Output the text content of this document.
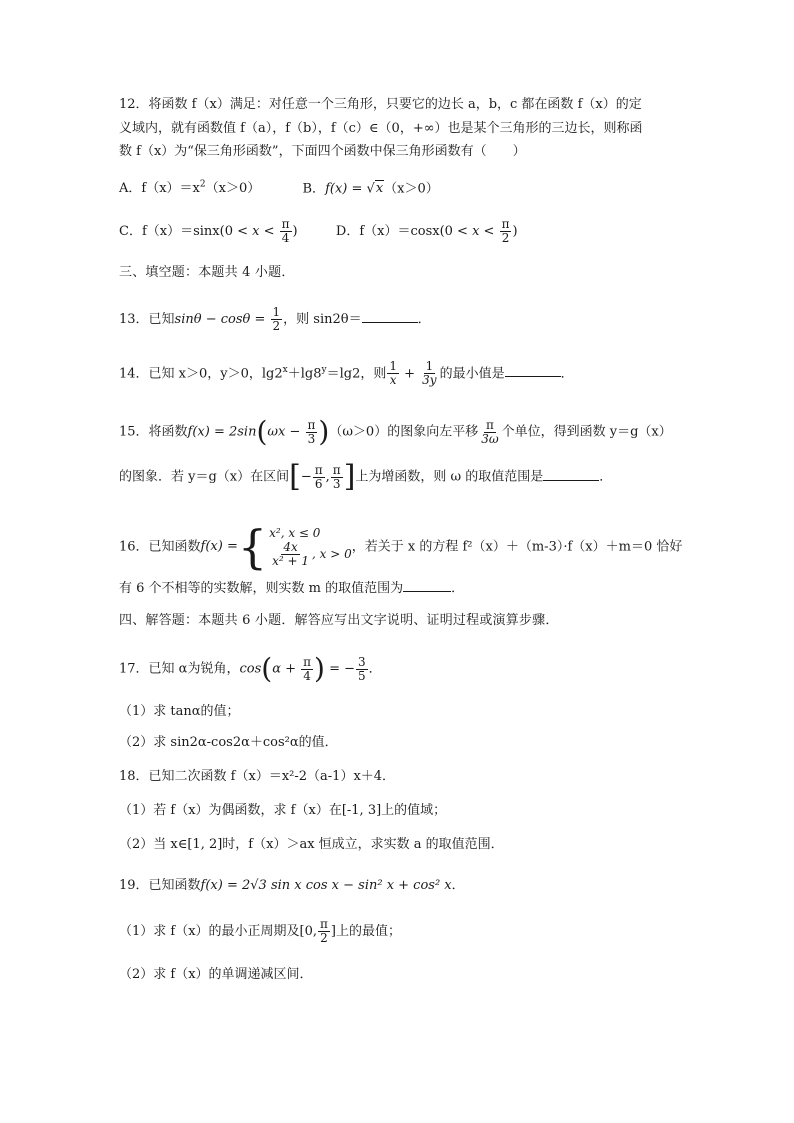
12．将函数 f（x）满足：对任意一个三角形，只要它的边长 a，b，c 都在函数 f（x）的定
义域内，就有函数值 f（a），f（b），f（c）∈（0，+∞）也是某个三角形的三边长，则称函
数 f（x）为“保三角形函数”，下面四个函数中保三角形函数有（　　）
A．$f(x)=x^2(x>0)$	B．f(x) = √x（x＞0）
C．$f(x)=\sin x(0 < x < \frac{\pi}{4}$ )	D．$f(x)=\cos x(0 < x < \frac{\pi}{2}$ )
三、填空题：本题共 4 小题．
13．已知$\sin\theta - \cos\theta = \frac{1}{2}$ ，则 sin2θ＝	．
14．已知 x＞0，y＞0，$\lg 2^x+\lg 8^y=\lg 2$，则 $\frac{1}{x} + \frac{1}{3y}$ 的最小值是	．
15．将函数$f(x) = 2\sin(\omega x - \frac{\pi}{3} )(\omega>0)$的图象向左平移 $\frac{\pi}{3\omega}$ 个单位，得到函数 y＝g（x）
的图象．若 y＝g（x）在区间[− $\frac{\pi}{6}$ , $\frac{\pi}{3}$ ]上为增函数，则 ω 的取值范围是	．
16．已知函数 f(x) = { x², x ≤ 0
$\frac{4x}{\text{x² + 1}}$ , x > 0 ，若关于 x 的方程 f²（x）＋（m-3）·f（x）＋m＝0 恰好
有 6 个不相等的实数解，则实数 m 的取值范围为	．
四、解答题：本题共 6 小题．解答应写出文字说明、证明过程或演算步骤．
17．已知 α为锐角，$\cos(\alpha + \frac{\pi}{4}$ ) = − $\frac{3}{5}$ ．
（1）求 tanα的值；
（2）求 sin2α-cos2α＋cos²α的值．
18．已知二次函数 f（x）＝x²-2（a-1）x＋4．
（1）若 f（x）为偶函数，求 f（x）在[-1, 3]上的值域；
（2）当 x∈[1, 2]时，f（x）＞ax 恒成立，求实数 a 的取值范围．
19．已知函数f(x) = 2√3 sin x cos x − sin² x + cos² x．
（1）求 f（x）的最小正周期及[0, $\frac{\pi}{2}$ ]上的最值；
（2）求 f（x）的单调递减区间．
